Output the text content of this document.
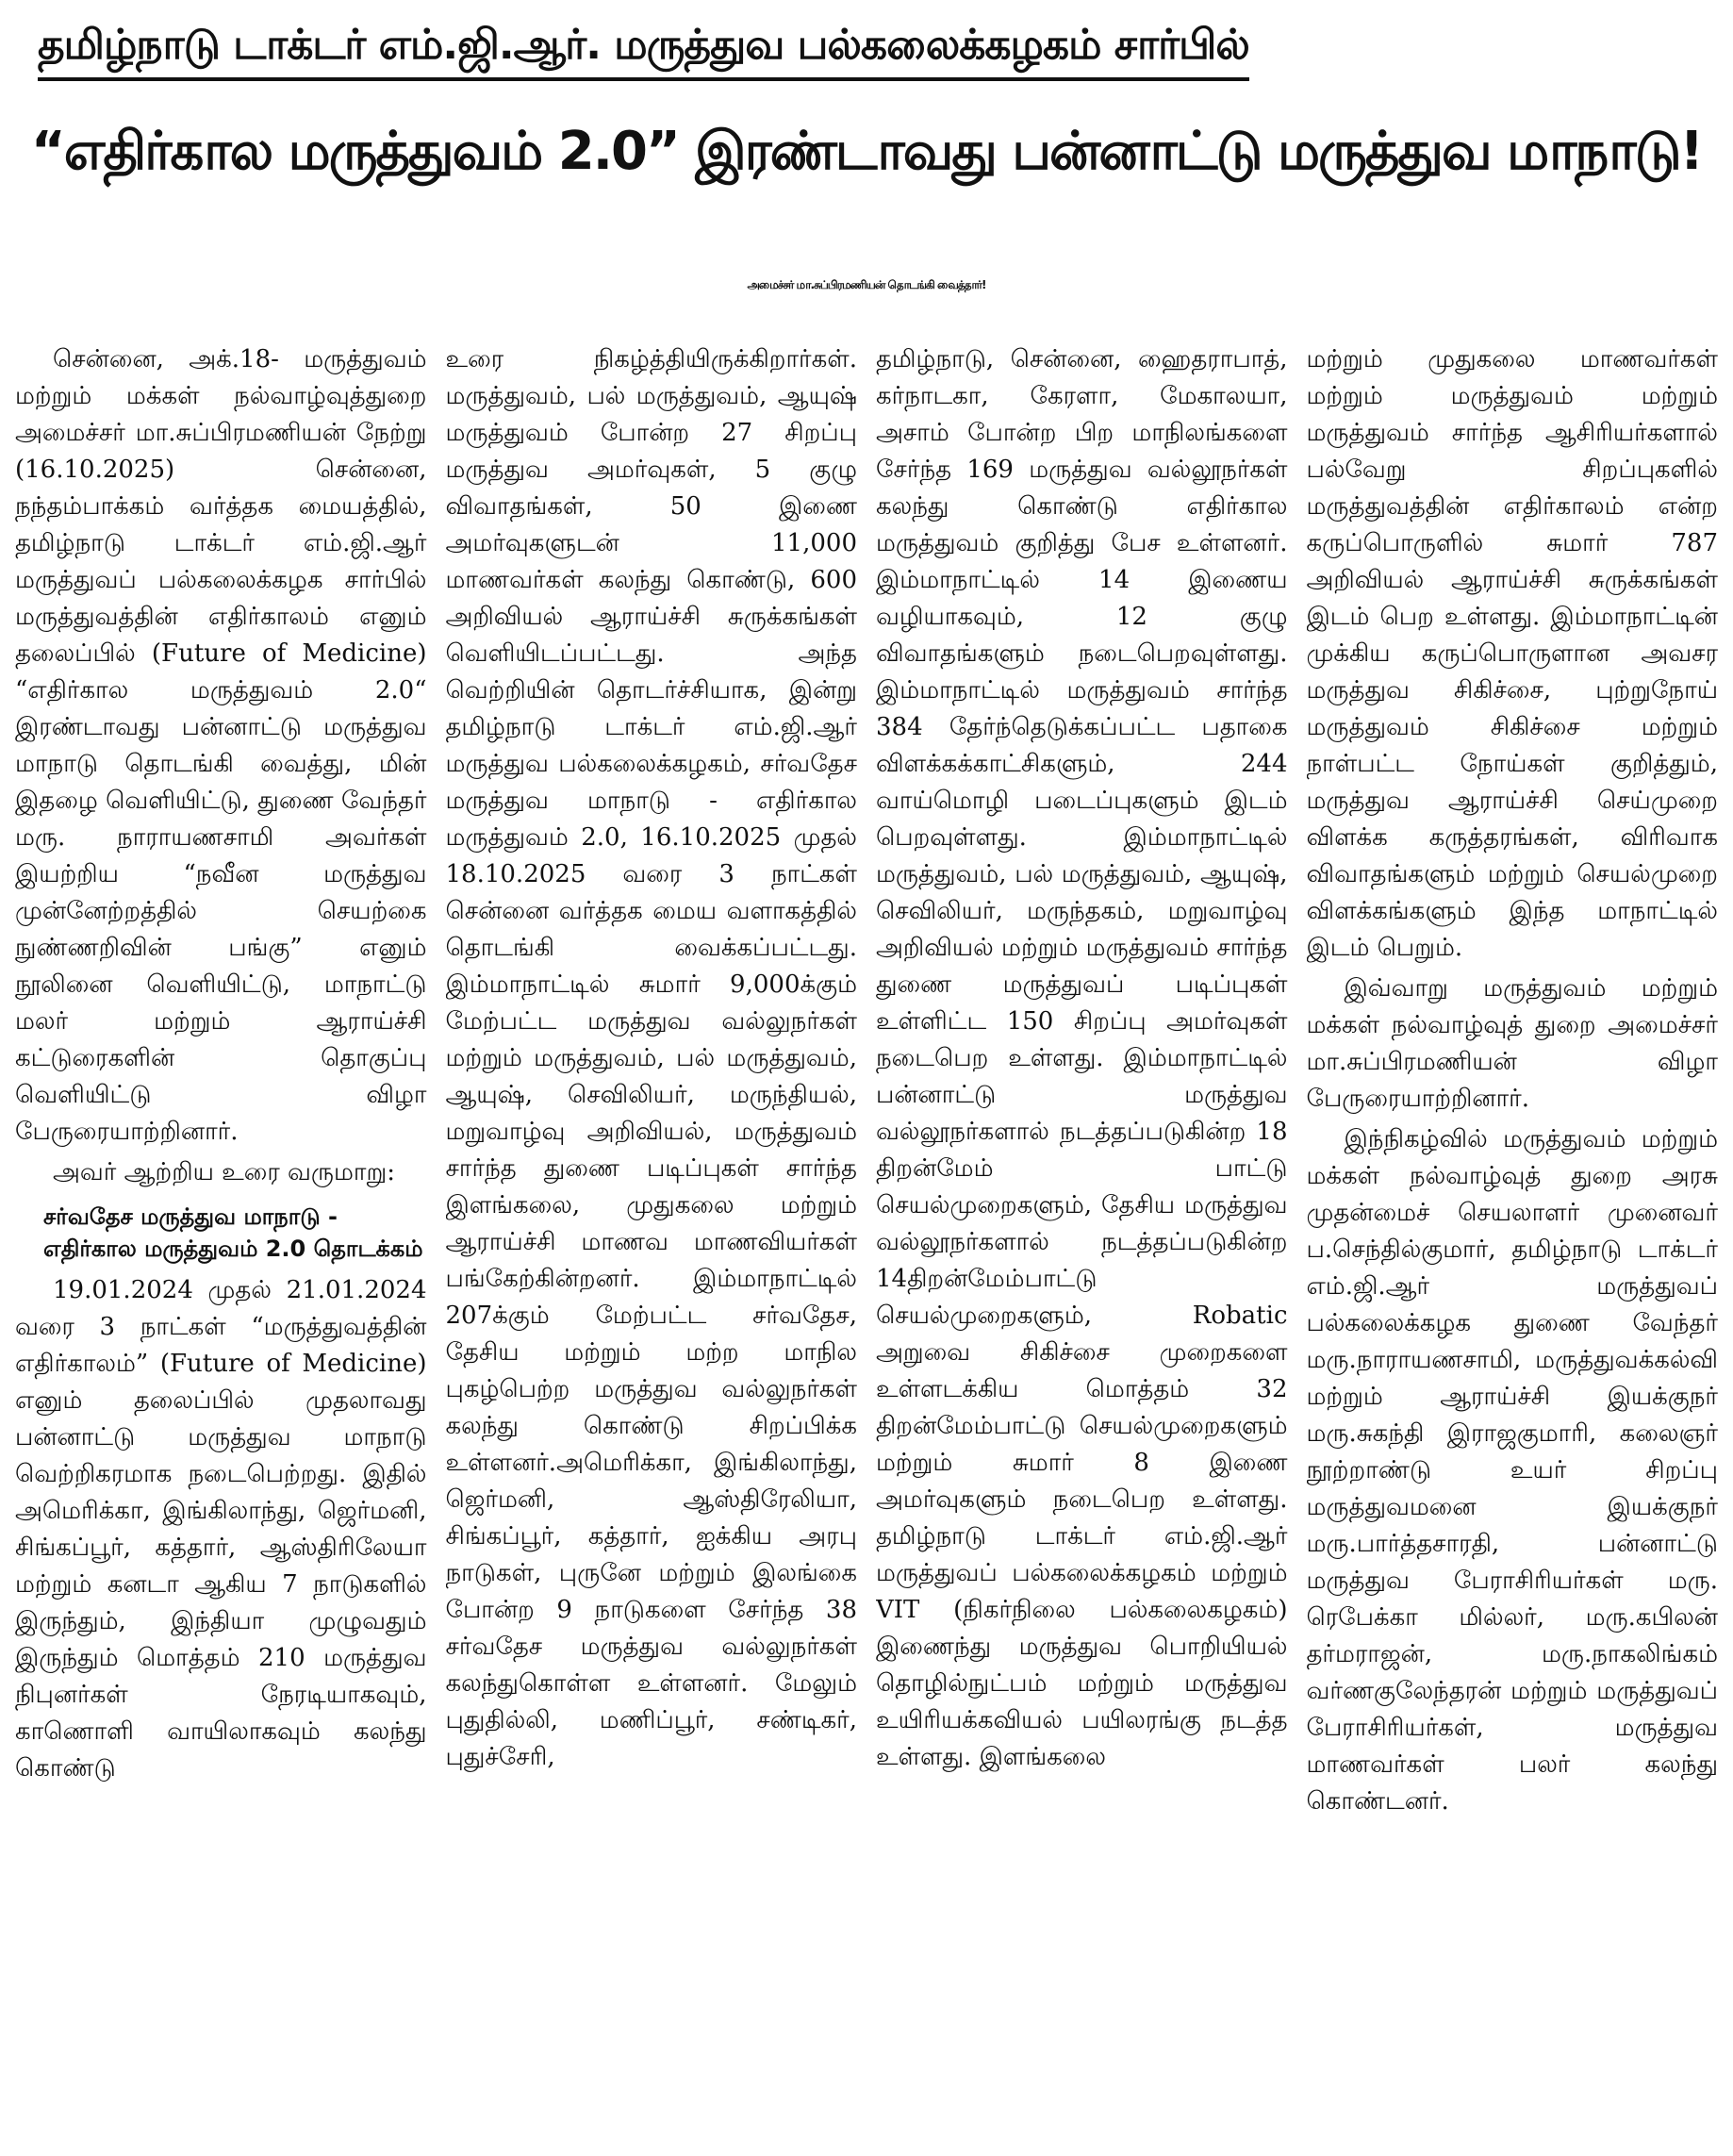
தமிழ்நாடு டாக்டர் எம்.ஜி.ஆர். மருத்துவ பல்கலைக்கழகம் சார்பில்
“எதிர்கால மருத்துவம் 2.0” இரண்டாவது பன்னாட்டு மருத்துவ மாநாடு!
அமைச்சர் மா.சுப்பிரமணியன் தொடங்கி வைத்தார்!

சென்னை, அக்.18- மருத்துவம் மற்றும் மக்கள் நல்வாழ்வுத்துறை அமைச்சர் மா.சுப்பிரமணியன் நேற்று (16.10.2025) சென்னை, நந்தம்பாக்கம் வர்த்தக மையத்தில், தமிழ்நாடு டாக்டர் எம்.ஜி.ஆர் மருத்துவப் பல்கலைக்கழக சார்பில் மருத்துவத்தின் எதிர்காலம் எனும் தலைப்பில் (Future of Medicine) “எதிர்கால மருத்துவம் 2.0“ இரண்டாவது பன்னாட்டு மருத்துவ மாநாடு தொடங்கி வைத்து, மின் இதழை வெளியிட்டு, துணை வேந்தர் மரு. நாராயணசாமி அவர்கள் இயற்றிய “நவீன மருத்துவ முன்னேற்றத்தில் செயற்கை நுண்ணறிவின் பங்கு” எனும் நூலினை வெளியிட்டு, மாநாட்டு மலர் மற்றும் ஆராய்ச்சி கட்டுரைகளின் தொகுப்பு வெளியிட்டு விழா பேருரையாற்றினார்.

அவர் ஆற்றிய உரை வருமாறு:

சர்வதேச மருத்துவ மாநாடு - எதிர்கால மருத்துவம் 2.0 தொடக்கம்

19.01.2024 முதல் 21.01.2024 வரை 3 நாட்கள் “மருத்துவத்தின் எதிர்காலம்” (Future of Medicine) எனும் தலைப்பில் முதலாவது பன்னாட்டு மருத்துவ மாநாடு வெற்றிகரமாக நடைபெற்றது. இதில் அமெரிக்கா, இங்கிலாந்து, ஜெர்மனி, சிங்கப்பூர், கத்தார், ஆஸ்திரிலேயா மற்றும் கனடா ஆகிய 7 நாடுகளில் இருந்தும், இந்தியா முழுவதும் இருந்தும் மொத்தம் 210 மருத்துவ நிபுனர்கள் நேரடியாகவும், காணொளி வாயிலாகவும் கலந்து கொண்டு

உரை நிகழ்த்தியிருக்கிறார்கள். மருத்துவம், பல் மருத்துவம், ஆயுஷ் மருத்துவம் போன்ற 27 சிறப்பு மருத்துவ அமர்வுகள், 5 குழு விவாதங்கள், 50 இணை அமர்வுகளுடன் 11,000 மாணவர்கள் கலந்து கொண்டு, 600 அறிவியல் ஆராய்ச்சி சுருக்கங்கள் வெளியிடப்பட்டது. அந்த வெற்றியின் தொடர்ச்சியாக, இன்று தமிழ்நாடு டாக்டர் எம்.ஜி.ஆர் மருத்துவ பல்கலைக்கழகம், சர்வதேச மருத்துவ மாநாடு - எதிர்கால மருத்துவம் 2.0, 16.10.2025 முதல் 18.10.2025 வரை 3 நாட்கள் சென்னை வர்த்தக மைய வளாகத்தில் தொடங்கி வைக்கப்பட்டது. இம்மாநாட்டில் சுமார் 9,000க்கும் மேற்பட்ட மருத்துவ வல்லுநர்கள் மற்றும் மருத்துவம், பல் மருத்துவம், ஆயுஷ், செவிலியர், மருந்தியல், மறுவாழ்வு அறிவியல், மருத்துவம் சார்ந்த துணை படிப்புகள் சார்ந்த இளங்கலை, முதுகலை மற்றும் ஆராய்ச்சி மாணவ மாணவியர்கள் பங்கேற்கின்றனர். இம்மாநாட்டில் 207க்கும் மேற்பட்ட சர்வதேச, தேசிய மற்றும் மற்ற மாநில புகழ்பெற்ற மருத்துவ வல்லுநர்கள் கலந்து கொண்டு சிறப்பிக்க உள்ளனர்.அமெரிக்கா, இங்கிலாந்து, ஜெர்மனி, ஆஸ்திரேலியா, சிங்கப்பூர், கத்தார், ஐக்கிய அரபு நாடுகள், புருனே மற்றும் இலங்கை போன்ற 9 நாடுகளை சேர்ந்த 38 சர்வதேச மருத்துவ வல்லுநர்கள் கலந்துகொள்ள உள்ளனர். மேலும் புதுதில்லி, மணிப்பூர், சண்டிகர், புதுச்சேரி,

தமிழ்நாடு, சென்னை, ஹைதராபாத், கர்நாடகா, கேரளா, மேகாலயா, அசாம் போன்ற பிற மாநிலங்களை சேர்ந்த 169 மருத்துவ வல்லூநர்கள் கலந்து கொண்டு எதிர்கால மருத்துவம் குறித்து பேச உள்ளனர். இம்மாநாட்டில் 14 இணைய வழியாகவும், 12 குழு விவாதங்களும் நடைபெறவுள்ளது. இம்மாநாட்டில் மருத்துவம் சார்ந்த 384 தேர்ந்தெடுக்கப்பட்ட பதாகை விளக்கக்காட்சிகளும், 244 வாய்மொழி படைப்புகளும் இடம் பெறவுள்ளது. இம்மாநாட்டில் மருத்துவம், பல் மருத்துவம், ஆயுஷ், செவிலியர், மருந்தகம், மறுவாழ்வு அறிவியல் மற்றும் மருத்துவம் சார்ந்த துணை மருத்துவப் படிப்புகள் உள்ளிட்ட 150 சிறப்பு அமர்வுகள் நடைபெற உள்ளது. இம்மாநாட்டில் பன்னாட்டு மருத்துவ வல்லூநர்களால் நடத்தப்படுகின்ற 18 திறன்மேம் பாட்டு செயல்முறைகளும், தேசிய மருத்துவ வல்லூநர்களால் நடத்தப்படுகின்ற 14திறன்மேம்பாட்டு செயல்முறைகளும், Robatic அறுவை சிகிச்சை முறைகளை உள்ளடக்கிய மொத்தம் 32 திறன்மேம்பாட்டு செயல்முறைகளும் மற்றும் சுமார் 8 இணை அமர்வுகளும் நடைபெற உள்ளது. தமிழ்நாடு டாக்டர் எம்.ஜி.ஆர் மருத்துவப் பல்கலைக்கழகம் மற்றும் VIT (நிகர்நிலை பல்கலைகழகம்) இணைந்து மருத்துவ பொறியியல் தொழில்நுட்பம் மற்றும் மருத்துவ உயிரியக்கவியல் பயிலரங்கு நடத்த உள்ளது. இளங்கலை

மற்றும் முதுகலை மாணவர்கள் மற்றும் மருத்துவம் மற்றும் மருத்துவம் சார்ந்த ஆசிரியர்களால் பல்வேறு சிறப்புகளில் மருத்துவத்தின் எதிர்காலம் என்ற கருப்பொருளில் சுமார் 787 அறிவியல் ஆராய்ச்சி சுருக்கங்கள் இடம் பெற உள்ளது. இம்மாநாட்டின் முக்கிய கருப்பொருளான அவசர மருத்துவ சிகிச்சை, புற்றுநோய் மருத்துவம் சிகிச்சை மற்றும் நாள்பட்ட நோய்கள் குறித்தும், மருத்துவ ஆராய்ச்சி செய்முறை விளக்க கருத்தரங்கள், விரிவாக விவாதங்களும் மற்றும் செயல்முறை விளக்கங்களும் இந்த மாநாட்டில் இடம் பெறும்.

இவ்வாறு மருத்துவம் மற்றும் மக்கள் நல்வாழ்வுத் துறை அமைச்சர் மா.சுப்பிரமணியன் விழா பேருரையாற்றினார்.

இந்நிகழ்வில் மருத்துவம் மற்றும் மக்கள் நல்வாழ்வுத் துறை அரசு முதன்மைச் செயலாளர் முனைவர் ப.செந்தில்குமார், தமிழ்நாடு டாக்டர் எம்.ஜி.ஆர் மருத்துவப் பல்கலைக்கழக துணை வேந்தர் மரு.நாராயணசாமி, மருத்துவக்கல்வி மற்றும் ஆராய்ச்சி இயக்குநர் மரு.சுகந்தி இராஜகுமாரி, கலைஞர் நூற்றாண்டு உயர் சிறப்பு மருத்துவமனை இயக்குநர் மரு.பார்த்தசாரதி, பன்னாட்டு மருத்துவ பேராசிரியர்கள் மரு. ரெபேக்கா மில்லர், மரு.கபிலன் தர்மராஜன், மரு.நாகலிங்கம் வர்ணகுலேந்தரன் மற்றும் மருத்துவப் பேராசிரியர்கள், மருத்துவ மாணவர்கள் பலர் கலந்து கொண்டனர்.
